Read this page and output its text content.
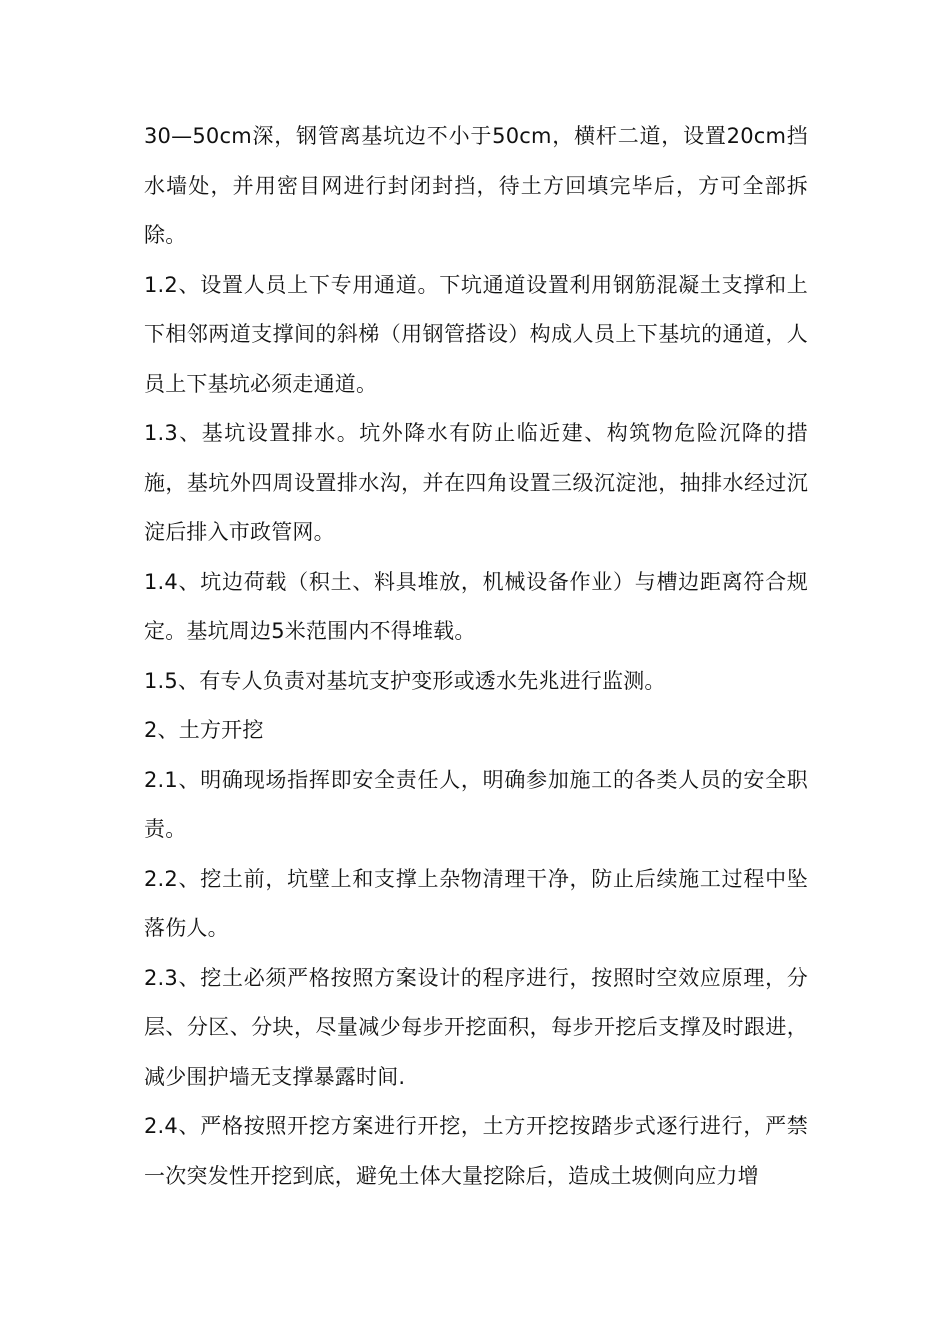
30—50cm深，钢管离基坑边不小于50cm，横杆二道，设置20cm挡水墙处，并用密目网进行封闭封挡，待土方回填完毕后，方可全部拆除。

1.2、设置人员上下专用通道。下坑通道设置利用钢筋混凝土支撑和上下相邻两道支撑间的斜梯（用钢管搭设）构成人员上下基坑的通道，人员上下基坑必须走通道。

1.3、基坑设置排水。坑外降水有防止临近建、构筑物危险沉降的措施，基坑外四周设置排水沟，并在四角设置三级沉淀池，抽排水经过沉淀后排入市政管网。

1.4、坑边荷载（积土、料具堆放，机械设备作业）与槽边距离符合规定。基坑周边5米范围内不得堆载。

1.5、有专人负责对基坑支护变形或透水先兆进行监测。

2、土方开挖

2.1、明确现场指挥即安全责任人，明确参加施工的各类人员的安全职责。

2.2、挖土前，坑壁上和支撑上杂物清理干净，防止后续施工过程中坠落伤人。

2.3、挖土必须严格按照方案设计的程序进行，按照时空效应原理，分层、分区、分块，尽量减少每步开挖面积，每步开挖后支撑及时跟进，减少围护墙无支撑暴露时间.

2.4、严格按照开挖方案进行开挖，土方开挖按踏步式逐行进行，严禁一次突发性开挖到底，避免土体大量挖除后，造成土坡侧向应力增
